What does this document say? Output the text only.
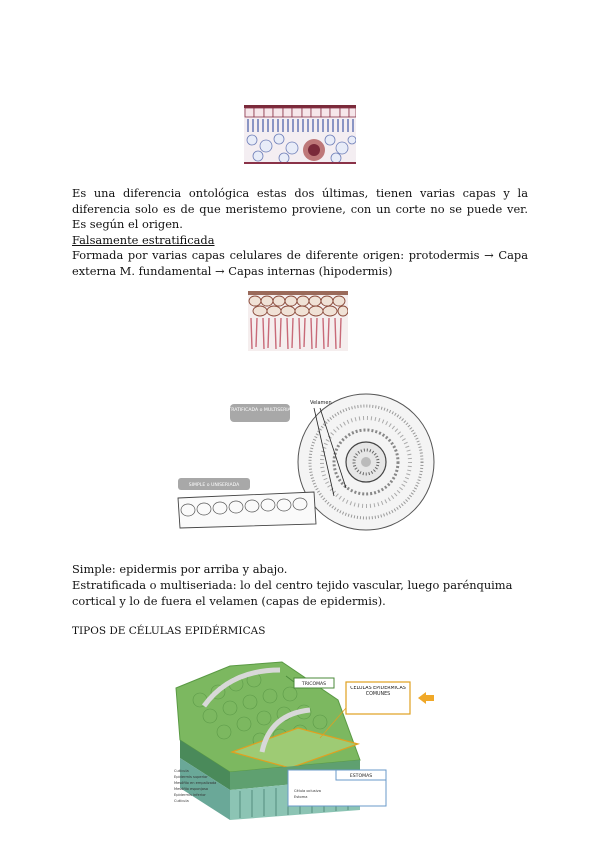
Es una diferencia ontológica estas dos últimas, tienen varias capas y la diferencia solo es de que meristemo proviene, con un corte no se puede ver. Es según el origen.

Falsamente estratificada

Formada por varias capas celulares de diferente origen: protodermis → Capa externa M. fundamental → Capas internas (hipodermis)

Velamen
ESTRATIFICADA o MULTISERIADA
SIMPLE o UNISERIADA

Simple: epidermis por arriba y abajo.

Estratificada o multiseriada: lo del centro tejido vascular, luego parénquima cortical y lo de fuera el velamen (capas de epidermis).

TIPOS DE CÉLULAS EPIDÉRMICAS

TRICOMAS
CÉLULAS EPIDÉRMICAS COMUNES
ESTOMAS
Célula oclusiva
Estoma
Cutícula
Epidermis superior
Mesófilo en empalizada
Mesófilo esponjoso
Epidermis inferior
Cutícula
